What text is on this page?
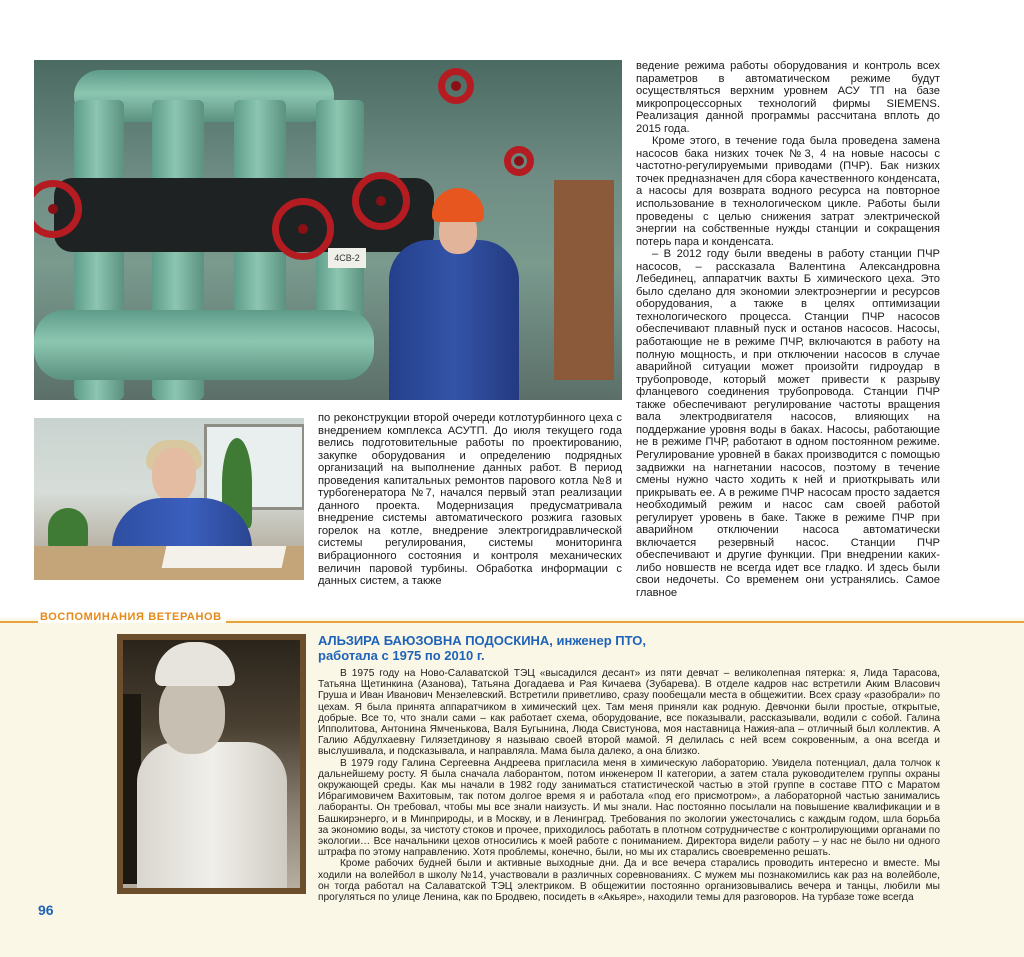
4СВ-2

по реконструкции второй очереди котлотурбинного цеха с внедрением комплекса АСУТП. До июля текущего года велись подготовительные работы по проектированию, закупке оборудования и определению подрядных организаций на выполнение данных работ. В период проведения капитальных ремонтов парового котла №8 и турбогенератора №7, начался первый этап реализации данного проекта. Модернизация предусматривала внедрение системы автоматического розжига газовых горелок на котле, внедрение электрогидравлической системы регулирования, системы мониторинга вибрационного состояния и контроля механических величин паровой турбины. Обработка информации с данных систем, а также

ведение режима работы оборудования и контроль всех параметров в автоматическом режиме будут осуществляться верхним уровнем АСУ ТП на базе микропроцессорных технологий фирмы SIEMENS. Реализация данной программы рассчитана вплоть до 2015 года.

Кроме этого, в течение года была проведена замена насосов бака низких точек №3, 4 на новые насосы с частотно-регулируемыми приводами (ПЧР). Бак низких точек предназначен для сбора качественного конденсата, а насосы для возврата водного ресурса на повторное использование в технологическом цикле. Работы были проведены с целью снижения затрат электрической энергии на собственные нужды станции и сокращения потерь пара и конденсата.

– В 2012 году были введены в работу станции ПЧР насосов, – рассказала Валентина Александровна Лебединец, аппаратчик вахты Б химического цеха. Это было сделано для экономии электроэнергии и ресурсов оборудования, а также в целях оптимизации технологического процесса. Станции ПЧР насосов обеспечивают плавный пуск и останов насосов. Насосы, работающие не в режиме ПЧР, включаются в работу на полную мощность, и при отключении насосов в случае аварийной ситуации может произойти гидроудар в трубопроводе, который может привести к разрыву фланцевого соединения трубопровода. Станции ПЧР также обеспечивают регулирование частоты вращения вала электродвигателя насосов, влияющих на поддержание уровня воды в баках. Насосы, работающие не в режиме ПЧР, работают в одном постоянном режиме. Регулирование уровней в баках производится с помощью задвижки на нагнетании насосов, поэтому в течение смены нужно часто ходить к ней и приоткрывать или прикрывать ее. А в режиме ПЧР насосам просто задается необходимый режим и насос сам своей работой регулирует уровень в баке. Также в режиме ПЧР при аварийном отключении насоса автоматически включается резервный насос. Станции ПЧР обеспечивают и другие функции. При внедрении каких-либо новшеств не всегда идет все гладко. И здесь были свои недочеты. Со временем они устранялись. Самое главное

ВОСПОМИНАНИЯ ВЕТЕРАНОВ
АЛЬЗИРА БАЮЗОВНА ПОДОСКИНА, инженер ПТО,
работала с 1975 по 2010 г.

В 1975 году на Ново-Салаватской ТЭЦ «высадился десант» из пяти девчат – великолепная пятерка: я, Лида Тарасова, Татьяна Щетинкина (Азанова), Татьяна Догадаева и Рая Кичаева (Зубарева). В отделе кадров нас встретили Аким Власович Груша и Иван Иванович Мензелевский. Встретили приветливо, сразу пообещали места в общежитии. Всех сразу «разобрали» по цехам. Я была принята аппаратчиком в химический цех. Там меня приняли как родную. Девчонки были простые, открытые, добрые. Все то, что знали сами – как работает схема, оборудование, все показывали, рассказывали, водили с собой. Галина Ипполитова, Антонина Ямченькова, Валя Бугынина, Люда Свистунова, моя наставница Нажия-апа – отличный был коллектив. А Галию Абдулхаевну Гилязетдинову я называю своей второй мамой. Я делилась с ней всем сокровенным, а она всегда и выслушивала, и подсказывала, и направляла. Мама была далеко, а она близко.

В 1979 году Галина Сергеевна Андреева пригласила меня в химическую лабораторию. Увидела потенциал, дала толчок к дальнейшему росту. Я была сначала лаборантом, потом инженером II категории, а затем стала руководителем группы охраны окружающей среды. Как мы начали в 1982 году заниматься статистической частью в этой группе в составе ПТО с Маратом Ибрагимовичем Вахитовым, так потом долгое время я и работала «под его присмотром», а лабораторной частью занимались лаборанты. Он требовал, чтобы мы все знали наизусть. И мы знали. Нас постоянно посылали на повышение квалификации и в Башкирэнерго, и в Минприроды, и в Москву, и в Ленинград. Требования по экологии ужесточались с каждым годом, шла борьба за экономию воды, за чистоту стоков и прочее, приходилось работать в плотном сотрудничестве с контролирующими органами по экологии… Все начальники цехов относились к моей работе с пониманием. Директора видели работу – у нас не было ни одного штрафа по этому направлению. Хотя проблемы, конечно, были, но мы их старались своевременно решать.

Кроме рабочих будней были и активные выходные дни. Да и все вечера старались проводить интересно и вместе. Мы ходили на волейбол в школу №14, участвовали в различных соревнованиях. С мужем мы познакомились как раз на волейболе, он тогда работал на Салаватской ТЭЦ электриком. В общежитии постоянно организовывались вечера и танцы, любили мы прогуляться по улице Ленина, как по Бродвею, посидеть в «Акьяре», находили темы для разговоров. На турбазе тоже всегда

96
